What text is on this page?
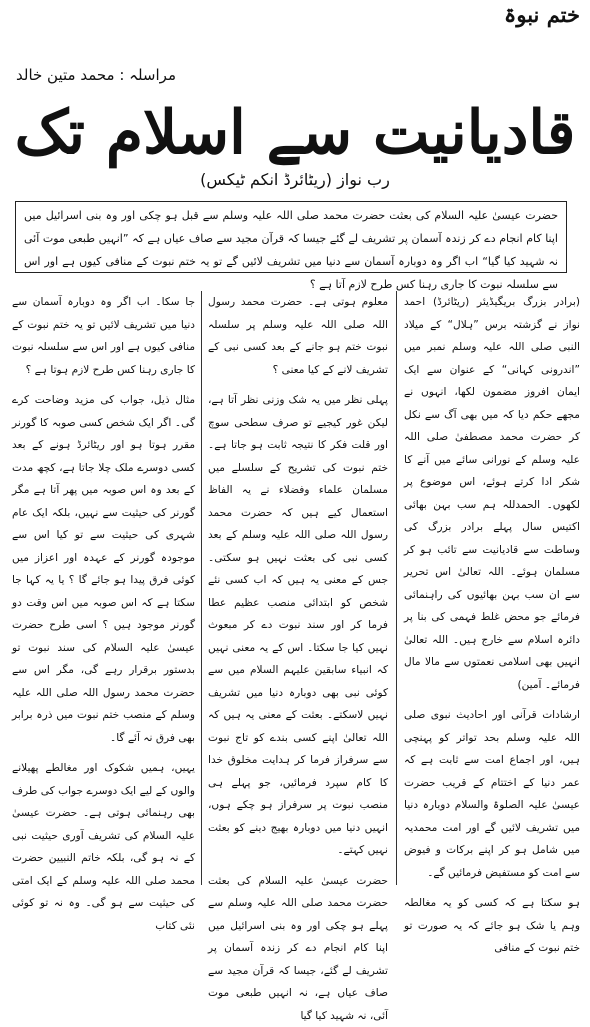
ختم نبوۃ
مراسلہ : محمد متین خالد
قادیانیت سے اسلام تک
رب نواز (ریٹائرڈ انکم ٹیکس)

حضرت عیسیٰ علیہ السلام کی بعثت حضرت محمد صلی اللہ علیہ وسلم سے قبل ہو چکی اور وہ بنی اسرائیل میں اپنا کام انجام دے کر زندہ آسمان پر تشریف لے گئے جیسا کہ قرآن مجید سے صاف عیاں ہے کہ ”انہیں طبعی موت آئی نہ شہید کیا گیا“ اب اگر وہ دوبارہ آسمان سے دنیا میں تشریف لائیں گے تو یہ ختم نبوت کے منافی کیوں ہے اور اس سے سلسلہ نبوت کا جاری رہنا کس طرح لازم آتا ہے ؟

(برادر بزرگ بریگیڈیئر (ریٹائرڈ) احمد نواز نے گزشتہ برس ”ہلال“ کے میلاد النبی صلی اللہ علیہ وسلم نمبر میں ”اندرونی کہانی“ کے عنوان سے ایک ایمان افروز مضمون لکھا، انہوں نے مجھے حکم دیا کہ میں بھی آگ سے نکل کر حضرت محمد مصطفیٰ صلی اللہ علیہ وسلم کے نورانی سائے میں آنے کا شکر ادا کرتے ہوئے، اس موضوع پر لکھوں۔ الحمدللہ ہم سب بہن بھائی اکتیس سال پہلے برادر بزرگ کی وساطت سے قادیانیت سے تائب ہو کر مسلمان ہوئے۔ اللہ تعالیٰ اس تحریر سے ان سب بہن بھائیوں کی راہنمائی فرمائے جو محض غلط فہمی کی بنا پر دائرہ اسلام سے خارج ہیں۔ اللہ تعالیٰ انہیں بھی اسلامی نعمتوں سے مالا مال فرمائے۔ آمین)

ارشادات قرآنی اور احادیث نبوی صلی اللہ علیہ وسلم بحد تواتر کو پہنچی ہیں، اور اجماع امت سے ثابت ہے کہ عمر دنیا کے اختتام کے قریب حضرت عیسیٰ علیہ الصلوۃ والسلام دوبارہ دنیا میں تشریف لائیں گے اور امت محمدیہ میں شامل ہو کر اپنے برکات و فیوض سے امت کو مستفیض فرمائیں گے۔

ہو سکتا ہے کہ کسی کو یہ مغالطہ وہم یا شک ہو جائے کہ یہ صورت تو ختم نبوت کے منافی

معلوم ہوتی ہے۔ حضرت محمد رسول اللہ صلی اللہ علیہ وسلم پر سلسلہ نبوت ختم ہو جانے کے بعد کسی نبی کے تشریف لانے کے کیا معنی ؟

پہلی نظر میں یہ شک وزنی نظر آتا ہے، لیکن غور کیجیے تو صرف سطحی سوچ اور قلت فکر کا نتیجہ ثابت ہو جاتا ہے۔ ختم نبوت کی تشریح کے سلسلے میں مسلمان علماء وفضلاء نے یہ الفاظ استعمال کیے ہیں کہ حضرت محمد رسول اللہ صلی اللہ علیہ وسلم کے بعد کسی نبی کی بعثت نہیں ہو سکتی۔ جس کے معنی یہ ہیں کہ اب کسی نئے شخص کو ابتدائی منصب عظیم عطا فرما کر اور سند نبوت دے کر مبعوث نہیں کیا جا سکتا۔ اس کے یہ معنی نہیں کہ انبیاء سابقین علیہم السلام میں سے کوئی نبی بھی دوبارہ دنیا میں تشریف نہیں لاسکتے۔ بعثت کے معنی یہ ہیں کہ اللہ تعالیٰ اپنے کسی بندے کو تاج نبوت سے سرفراز فرما کر ہدایت مخلوق خدا کا کام سپرد فرمائیں، جو پہلے ہی منصب نبوت پر سرفراز ہو چکے ہوں، انہیں دنیا میں دوبارہ بھیج دینے کو بعثت نہیں کہتے۔

حضرت عیسیٰ علیہ السلام کی بعثت حضرت محمد صلی اللہ علیہ وسلم سے پہلے ہو چکی اور وہ بنی اسرائیل میں اپنا کام انجام دے کر زندہ آسمان پر تشریف لے گئے، جیسا کہ قرآن مجید سے صاف عیاں ہے، نہ انہیں طبعی موت آئی، نہ شہید کیا گیا

جا سکا۔ اب اگر وہ دوبارہ آسمان سے دنیا میں تشریف لائیں تو یہ ختم نبوت کے منافی کیوں ہے اور اس سے سلسلہ نبوت کا جاری رہنا کس طرح لازم ہوتا ہے ؟

مثال ذیل، جواب کی مزید وضاحت کرے گی۔ اگر ایک شخص کسی صوبہ کا گورنر مقرر ہوتا ہو اور ریٹائرڈ ہونے کے بعد کسی دوسرے ملک چلا جاتا ہے، کچھ مدت کے بعد وہ اس صوبہ میں پھر آتا ہے مگر گورنر کی حیثیت سے نہیں، بلکہ ایک عام شہری کی حیثیت سے تو کیا اس سے موجودہ گورنر کے عہدہ اور اعزاز میں کوئی فرق پیدا ہو جائے گا ؟ یا یہ کہا جا سکتا ہے کہ اس صوبہ میں اس وقت دو گورنر موجود ہیں ؟ اسی طرح حضرت عیسیٰ علیہ السلام کی سند نبوت تو بدستور برقرار رہے گی، مگر اس سے حضرت محمد رسول اللہ صلی اللہ علیہ وسلم کے منصب ختم نبوت میں ذرہ برابر بھی فرق نہ آئے گا۔

یہیں، ہمیں شکوک اور مغالطے پھیلانے والوں کے لیے ایک دوسرے جواب کی طرف بھی رہنمائی ہوتی ہے۔ حضرت عیسیٰ علیہ السلام کی تشریف آوری حیثیت نبی کے نہ ہو گی، بلکہ خاتم النبیین حضرت محمد صلی اللہ علیہ وسلم کے ایک امتی کی حیثیت سے ہو گی۔ وہ نہ تو کوئی نئی کتاب
